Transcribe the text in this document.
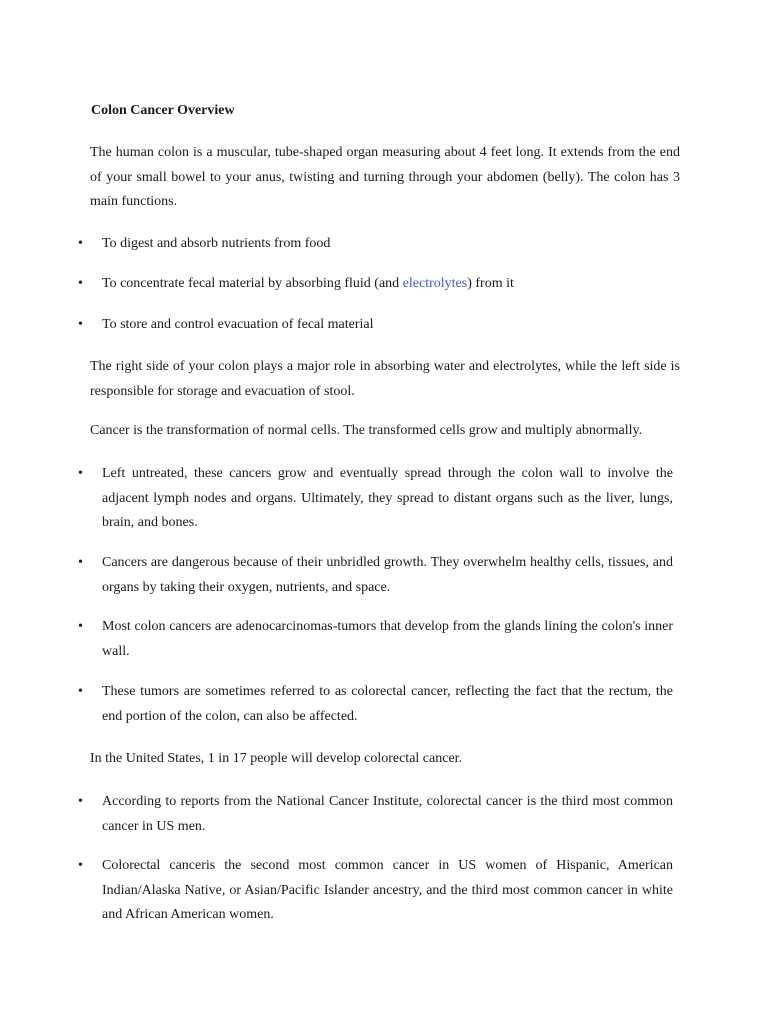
Colon Cancer Overview

The human colon is a muscular, tube-shaped organ measuring about 4 feet long. It extends from the end of your small bowel to your anus, twisting and turning through your abdomen (belly). The colon has 3 main functions.

•	To digest and absorb nutrients from food
•	To concentrate fecal material by absorbing fluid (and electrolytes) from it
•	To store and control evacuation of fecal material

The right side of your colon plays a major role in absorbing water and electrolytes, while the left side is responsible for storage and evacuation of stool.

Cancer is the transformation of normal cells. The transformed cells grow and multiply abnormally.

•	Left untreated, these cancers grow and eventually spread through the colon wall to involve the adjacent lymph nodes and organs. Ultimately, they spread to distant organs such as the liver, lungs, brain, and bones.
•	Cancers are dangerous because of their unbridled growth. They overwhelm healthy cells, tissues, and organs by taking their oxygen, nutrients, and space.
•	Most colon cancers are adenocarcinomas-tumors that develop from the glands lining the colon's inner wall.
•	These tumors are sometimes referred to as colorectal cancer, reflecting the fact that the rectum, the end portion of the colon, can also be affected.

In the United States, 1 in 17 people will develop colorectal cancer.

•	According to reports from the National Cancer Institute, colorectal cancer is the third most common cancer in US men.
•	Colorectal canceris the second most common cancer in US women of Hispanic, American Indian/Alaska Native, or Asian/Pacific Islander ancestry, and the third most common cancer in white and African American women.
